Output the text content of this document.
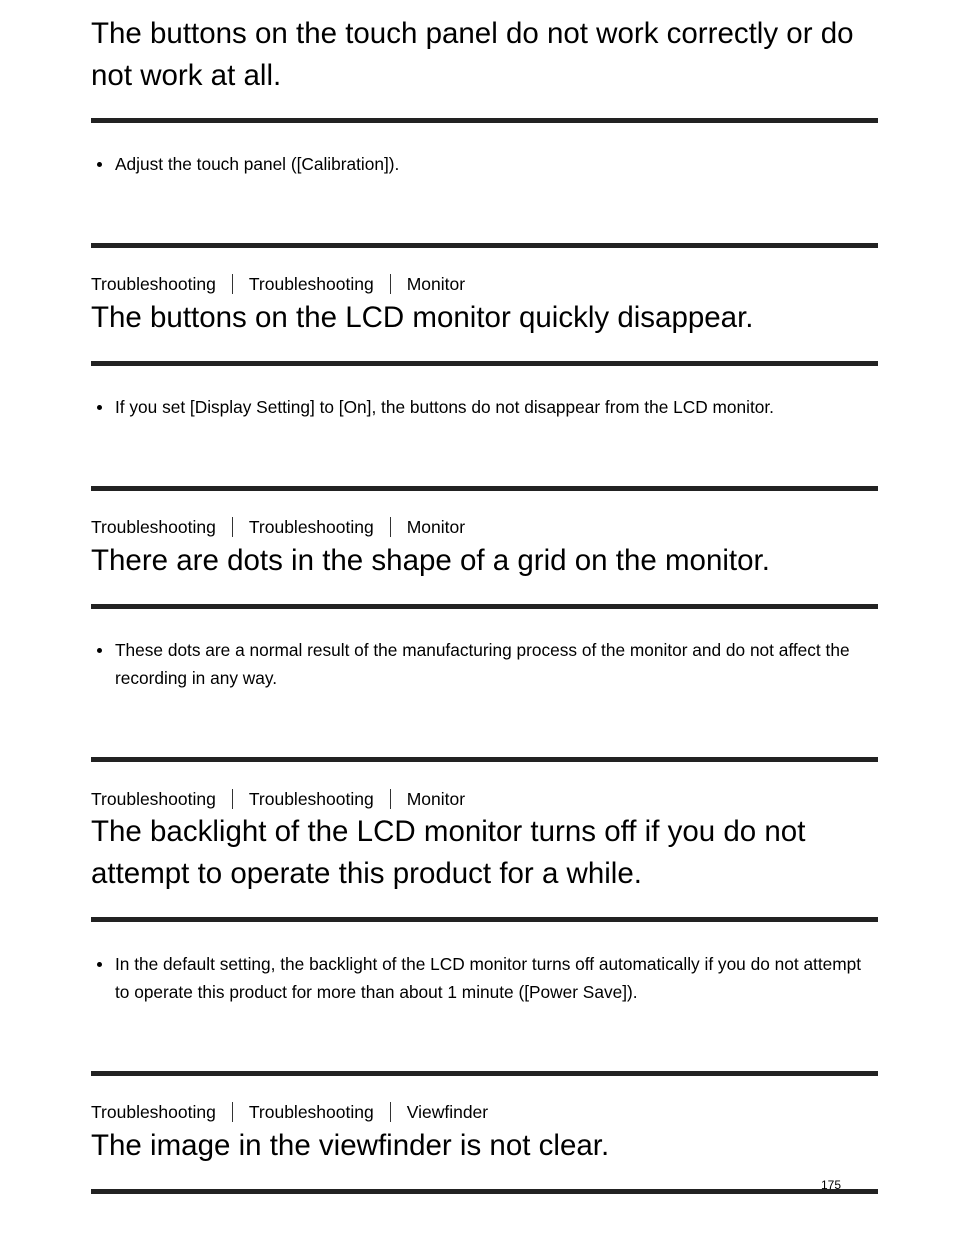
The buttons on the touch panel do not work correctly or do not work at all.
Adjust the touch panel ([Calibration]).
Troubleshooting Troubleshooting Monitor
The buttons on the LCD monitor quickly disappear.
If you set [Display Setting] to [On], the buttons do not disappear from the LCD monitor.
Troubleshooting Troubleshooting Monitor
There are dots in the shape of a grid on the monitor.
These dots are a normal result of the manufacturing process of the monitor and do not affect the recording in any way.
Troubleshooting Troubleshooting Monitor
The backlight of the LCD monitor turns off if you do not attempt to operate this product for a while.
In the default setting, the backlight of the LCD monitor turns off automatically if you do not attempt to operate this product for more than about 1 minute ([Power Save]).
Troubleshooting Troubleshooting Viewfinder
The image in the viewfinder is not clear.
175
